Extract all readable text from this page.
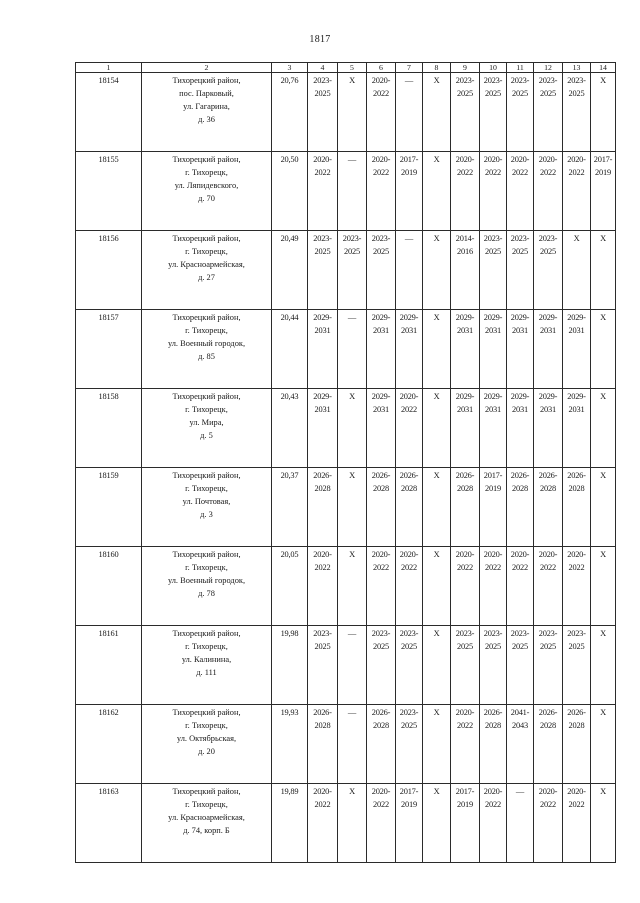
1817
1	2	3	4	5	6	7	8	9	10	11	12	13	14
18154	Тихорецкий район,
пос. Парковый,
ул. Гагарина,
д. 36	20,76	2023-
2025	X	2020-
2022	—	X	2023-
2025	2023-
2025	2023-
2025	2023-
2025	2023-
2025	X
18155	Тихорецкий район,
г. Тихорецк,
ул. Ляпидевского,
д. 70	20,50	2020-
2022	—	2020-
2022	2017-
2019	X	2020-
2022	2020-
2022	2020-
2022	2020-
2022	2020-
2022	2017-
2019
18156	Тихорецкий район,
г. Тихорецк,
ул. Красноармейская,
д. 27	20,49	2023-
2025	2023-
2025	2023-
2025	—	X	2014-
2016	2023-
2025	2023-
2025	2023-
2025	X	X
18157	Тихорецкий район,
г. Тихорецк,
ул. Военный городок,
д. 85	20,44	2029-
2031	—	2029-
2031	2029-
2031	X	2029-
2031	2029-
2031	2029-
2031	2029-
2031	2029-
2031	X
18158	Тихорецкий район,
г. Тихорецк,
ул. Мира,
д. 5	20,43	2029-
2031	X	2029-
2031	2020-
2022	X	2029-
2031	2029-
2031	2029-
2031	2029-
2031	2029-
2031	X
18159	Тихорецкий район,
г. Тихорецк,
ул. Почтовая,
д. 3	20,37	2026-
2028	X	2026-
2028	2026-
2028	X	2026-
2028	2017-
2019	2026-
2028	2026-
2028	2026-
2028	X
18160	Тихорецкий район,
г. Тихорецк,
ул. Военный городок,
д. 78	20,05	2020-
2022	X	2020-
2022	2020-
2022	X	2020-
2022	2020-
2022	2020-
2022	2020-
2022	2020-
2022	X
18161	Тихорецкий район,
г. Тихорецк,
ул. Калинина,
д. 111	19,98	2023-
2025	—	2023-
2025	2023-
2025	X	2023-
2025	2023-
2025	2023-
2025	2023-
2025	2023-
2025	X
18162	Тихорецкий район,
г. Тихорецк,
ул. Октябрьская,
д. 20	19,93	2026-
2028	—	2026-
2028	2023-
2025	X	2020-
2022	2026-
2028	2041-
2043	2026-
2028	2026-
2028	X
18163	Тихорецкий район,
г. Тихорецк,
ул. Красноармейская,
д. 74, корп. Б	19,89	2020-
2022	X	2020-
2022	2017-
2019	X	2017-
2019	2020-
2022	—	2020-
2022	2020-
2022	X
